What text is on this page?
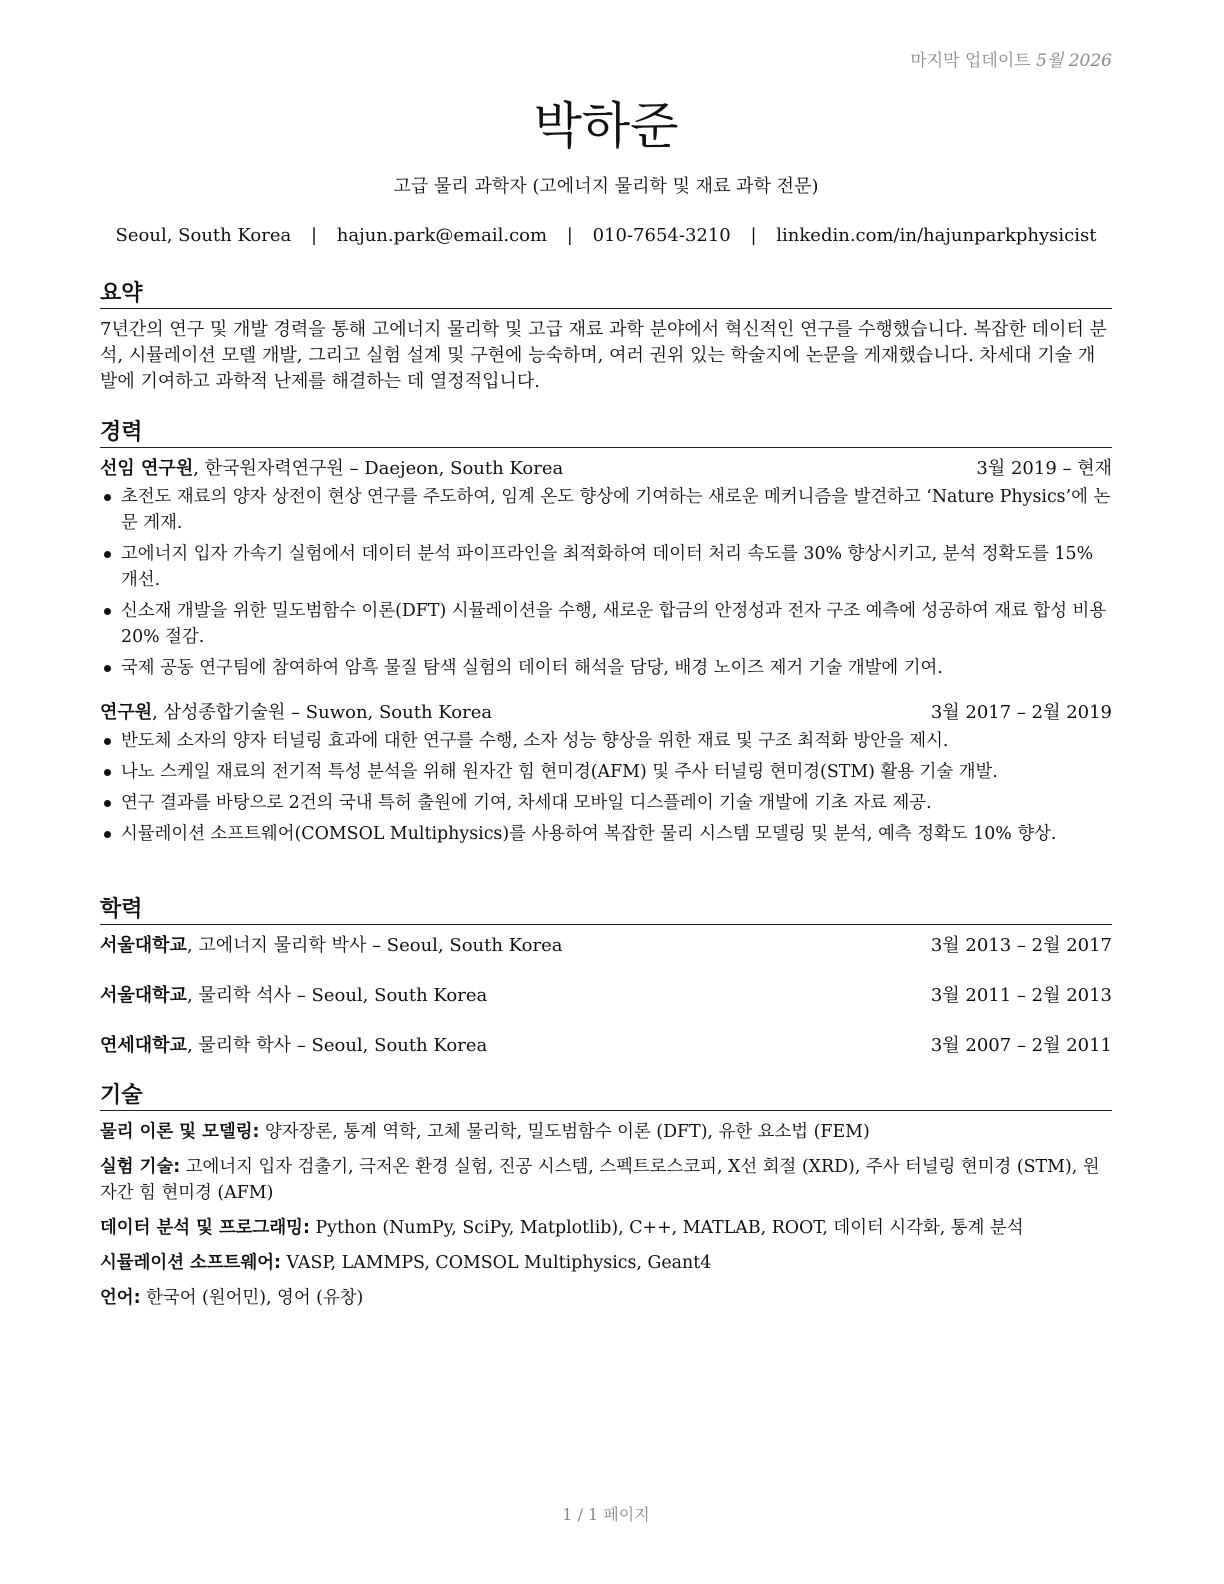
마지막 업데이트 5월 2026
박하준
고급 물리 과학자 (고에너지 물리학 및 재료 과학 전문)
Seoul, South Korea | hajun.park@email.com | 010-7654-3210 | linkedin.com/in/hajunparkphysicist
요약

7년간의 연구 및 개발 경력을 통해 고에너지 물리학 및 고급 재료 과학 분야에서 혁신적인 연구를 수행했습니다. 복잡한 데이터 분석, 시뮬레이션 모델 개발, 그리고 실험 설계 및 구현에 능숙하며, 여러 권위 있는 학술지에 논문을 게재했습니다. 차세대 기술 개발에 기여하고 과학적 난제를 해결하는 데 열정적입니다.

경력
선임 연구원, 한국원자력연구원 – Daejeon, South Korea	3월 2019 – 현재
초전도 재료의 양자 상전이 현상 연구를 주도하여, 임계 온도 향상에 기여하는 새로운 메커니즘을 발견하고 ‘Nature Physics’에 논문 게재.
고에너지 입자 가속기 실험에서 데이터 분석 파이프라인을 최적화하여 데이터 처리 속도를 30% 향상시키고, 분석 정확도를 15% 개선.
신소재 개발을 위한 밀도범함수 이론(DFT) 시뮬레이션을 수행, 새로운 합금의 안정성과 전자 구조 예측에 성공하여 재료 합성 비용 20% 절감.
국제 공동 연구팀에 참여하여 암흑 물질 탐색 실험의 데이터 해석을 담당, 배경 노이즈 제거 기술 개발에 기여.
연구원, 삼성종합기술원 – Suwon, South Korea	3월 2017 – 2월 2019
반도체 소자의 양자 터널링 효과에 대한 연구를 수행, 소자 성능 향상을 위한 재료 및 구조 최적화 방안을 제시.
나노 스케일 재료의 전기적 특성 분석을 위해 원자간 힘 현미경(AFM) 및 주사 터널링 현미경(STM) 활용 기술 개발.
연구 결과를 바탕으로 2건의 국내 특허 출원에 기여, 차세대 모바일 디스플레이 기술 개발에 기초 자료 제공.
시뮬레이션 소프트웨어(COMSOL Multiphysics)를 사용하여 복잡한 물리 시스템 모델링 및 분석, 예측 정확도 10% 향상.
학력
서울대학교, 고에너지 물리학 박사 – Seoul, South Korea	3월 2013 – 2월 2017
서울대학교, 물리학 석사 – Seoul, South Korea	3월 2011 – 2월 2013
연세대학교, 물리학 학사 – Seoul, South Korea	3월 2007 – 2월 2011
기술

물리 이론 및 모델링: 양자장론, 통계 역학, 고체 물리학, 밀도범함수 이론 (DFT), 유한 요소법 (FEM)

실험 기술: 고에너지 입자 검출기, 극저온 환경 실험, 진공 시스템, 스펙트로스코피, X선 회절 (XRD), 주사 터널링 현미경 (STM), 원자간 힘 현미경 (AFM)

데이터 분석 및 프로그래밍: Python (NumPy, SciPy, Matplotlib), C++, MATLAB, ROOT, 데이터 시각화, 통계 분석

시뮬레이션 소프트웨어: VASP, LAMMPS, COMSOL Multiphysics, Geant4

언어: 한국어 (원어민), 영어 (유창)

1 / 1 페이지
